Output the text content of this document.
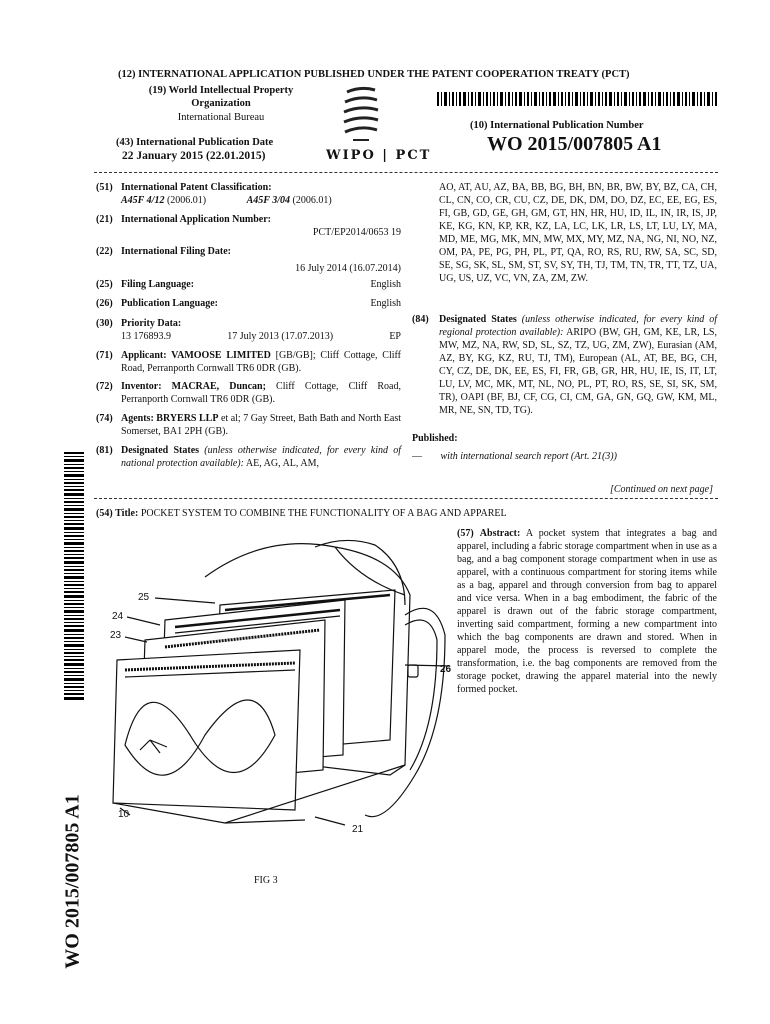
(12) INTERNATIONAL APPLICATION PUBLISHED UNDER THE PATENT COOPERATION TREATY (PCT)
(19) World Intellectual Property
Organization
International Bureau
WIPO | PCT
(43) International Publication Date
22 January 2015 (22.01.2015)
(10) International Publication Number
WO 2015/007805 A1
(51) International Patent Classification:
A45F 4/12 (2006.01)	A45F 3/04 (2006.01)
(21) International Application Number:
PCT/EP2014/0653 19
(22) International Filing Date:
16 July 2014 (16.07.2014)
(25) Filing Language:	English
(26) Publication Language:	English
(30) Priority Data:
13 176893.9	17 July 2013 (17.07.2013)	EP
(71) Applicant: VAMOOSE LIMITED [GB/GB]; Cliff Cottage, Cliff Road, Perranporth Cornwall TR6 0DR (GB).
(72) Inventor: MACRAE, Duncan; Cliff Cottage, Cliff Road, Perranporth Cornwall TR6 0DR (GB).
(74) Agents: BRYERS LLP et al; 7 Gay Street, Bath Bath and North East Somerset, BA1 2PH (GB).
(81) Designated States (unless otherwise indicated, for every kind of national protection available): AE, AG, AL, AM,
AO, AT, AU, AZ, BA, BB, BG, BH, BN, BR, BW, BY, BZ, CA, CH, CL, CN, CO, CR, CU, CZ, DE, DK, DM, DO, DZ, EC, EE, EG, ES, FI, GB, GD, GE, GH, GM, GT, HN, HR, HU, ID, IL, IN, IR, IS, JP, KE, KG, KN, KP, KR, KZ, LA, LC, LK, LR, LS, LT, LU, LY, MA, MD, ME, MG, MK, MN, MW, MX, MY, MZ, NA, NG, NI, NO, NZ, OM, PA, PE, PG, PH, PL, PT, QA, RO, RS, RU, RW, SA, SC, SD, SE, SG, SK, SL, SM, ST, SV, SY, TH, TJ, TM, TN, TR, TT, TZ, UA, UG, US, UZ, VC, VN, ZA, ZM, ZW.
(84) Designated States (unless otherwise indicated, for every kind of regional protection available): ARIPO (BW, GH, GM, KE, LR, LS, MW, MZ, NA, RW, SD, SL, SZ, TZ, UG, ZM, ZW), Eurasian (AM, AZ, BY, KG, KZ, RU, TJ, TM), European (AL, AT, BE, BG, CH, CY, CZ, DE, DK, EE, ES, FI, FR, GB, GR, HR, HU, IE, IS, IT, LT, LU, LV, MC, MK, MT, NL, NO, PL, PT, RO, RS, SE, SI, SK, SM, TR), OAPI (BF, BJ, CF, CG, CI, CM, GA, GN, GQ, GW, KM, ML, MR, NE, SN, TD, TG).
Published:
— with international search report (Art. 21(3))
[Continued on next page]
(54) Title: POCKET SYSTEM TO COMBINE THE FUNCTIONALITY OF A BAG AND APPAREL
(57) Abstract: A pocket system that integrates a bag and apparel, including a fabric storage compartment when in use as a bag, and a bag component storage compartment when in use as apparel, with a continuous compartment for storing items while as a bag, apparel and through conversion from bag to apparel and vice versa. When in a bag embodiment, the fabric of the apparel is drawn out of the fabric storage compartment, inverting said compartment, forming a new compartment into which the bag components are drawn and stored. When in apparel mode, the process is reversed to complete the transformation, i.e. the bag components are removed from the storage pocket, drawing the apparel material into the newly formed pocket.
25
24
23
26
10
21
FIG 3
WO 2015/007805 A1
